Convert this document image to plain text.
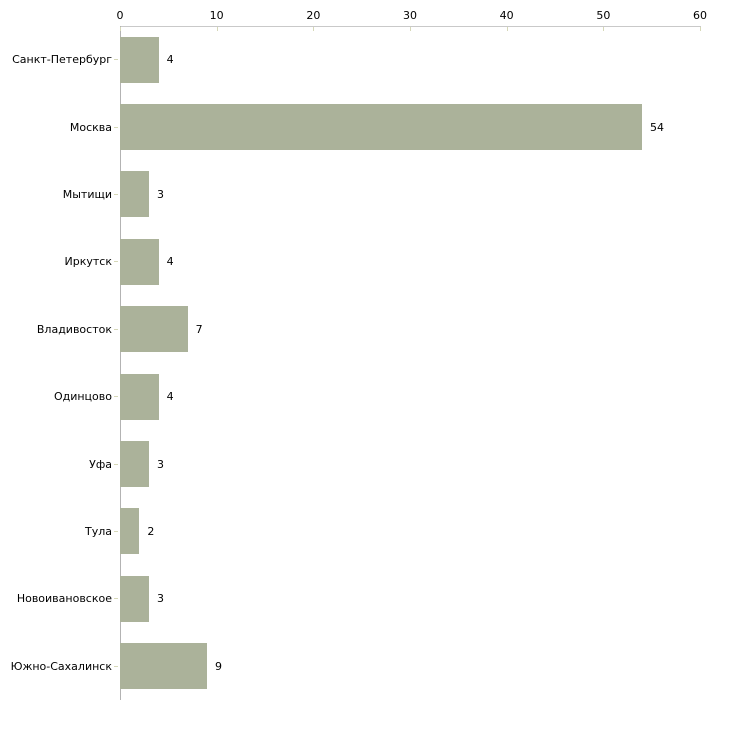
0	10	20	30	40	50	60
Санкт-Петербург	4
Москва	54
Мытищи	3
Иркутск	4
Владивосток	7
Одинцово	4
Уфа	3
Тула	2
Новоивановское	3
Южно-Сахалинск	9
